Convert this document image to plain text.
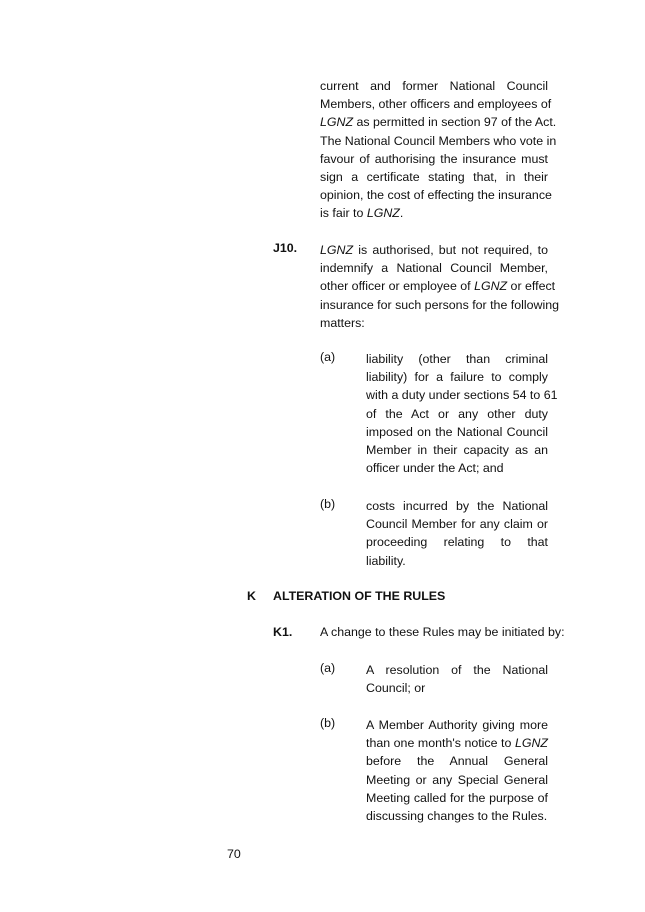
current and former National Council
Members, other officers and employees of
LGNZ as permitted in section 97 of the Act.
The National Council Members who vote in
favour of authorising the insurance must
sign a certificate stating that, in their
opinion, the cost of effecting the insurance
is fair to LGNZ.
J10. LGNZ is authorised, but not required, to
indemnify a National Council Member,
other officer or employee of LGNZ or effect
insurance for such persons for the following
matters:
(a) liability (other than criminal
liability) for a failure to comply
with a duty under sections 54 to 61
of the Act or any other duty
imposed on the National Council
Member in their capacity as an
officer under the Act; and
(b) costs incurred by the National
Council Member for any claim or
proceeding relating to that
liability.
K ALTERATION OF THE RULES
K1. A change to these Rules may be initiated by:
(a) A resolution of the National
Council; or
(b) A Member Authority giving more
than one month's notice to LGNZ
before the Annual General
Meeting or any Special General
Meeting called for the purpose of
discussing changes to the Rules.
70
